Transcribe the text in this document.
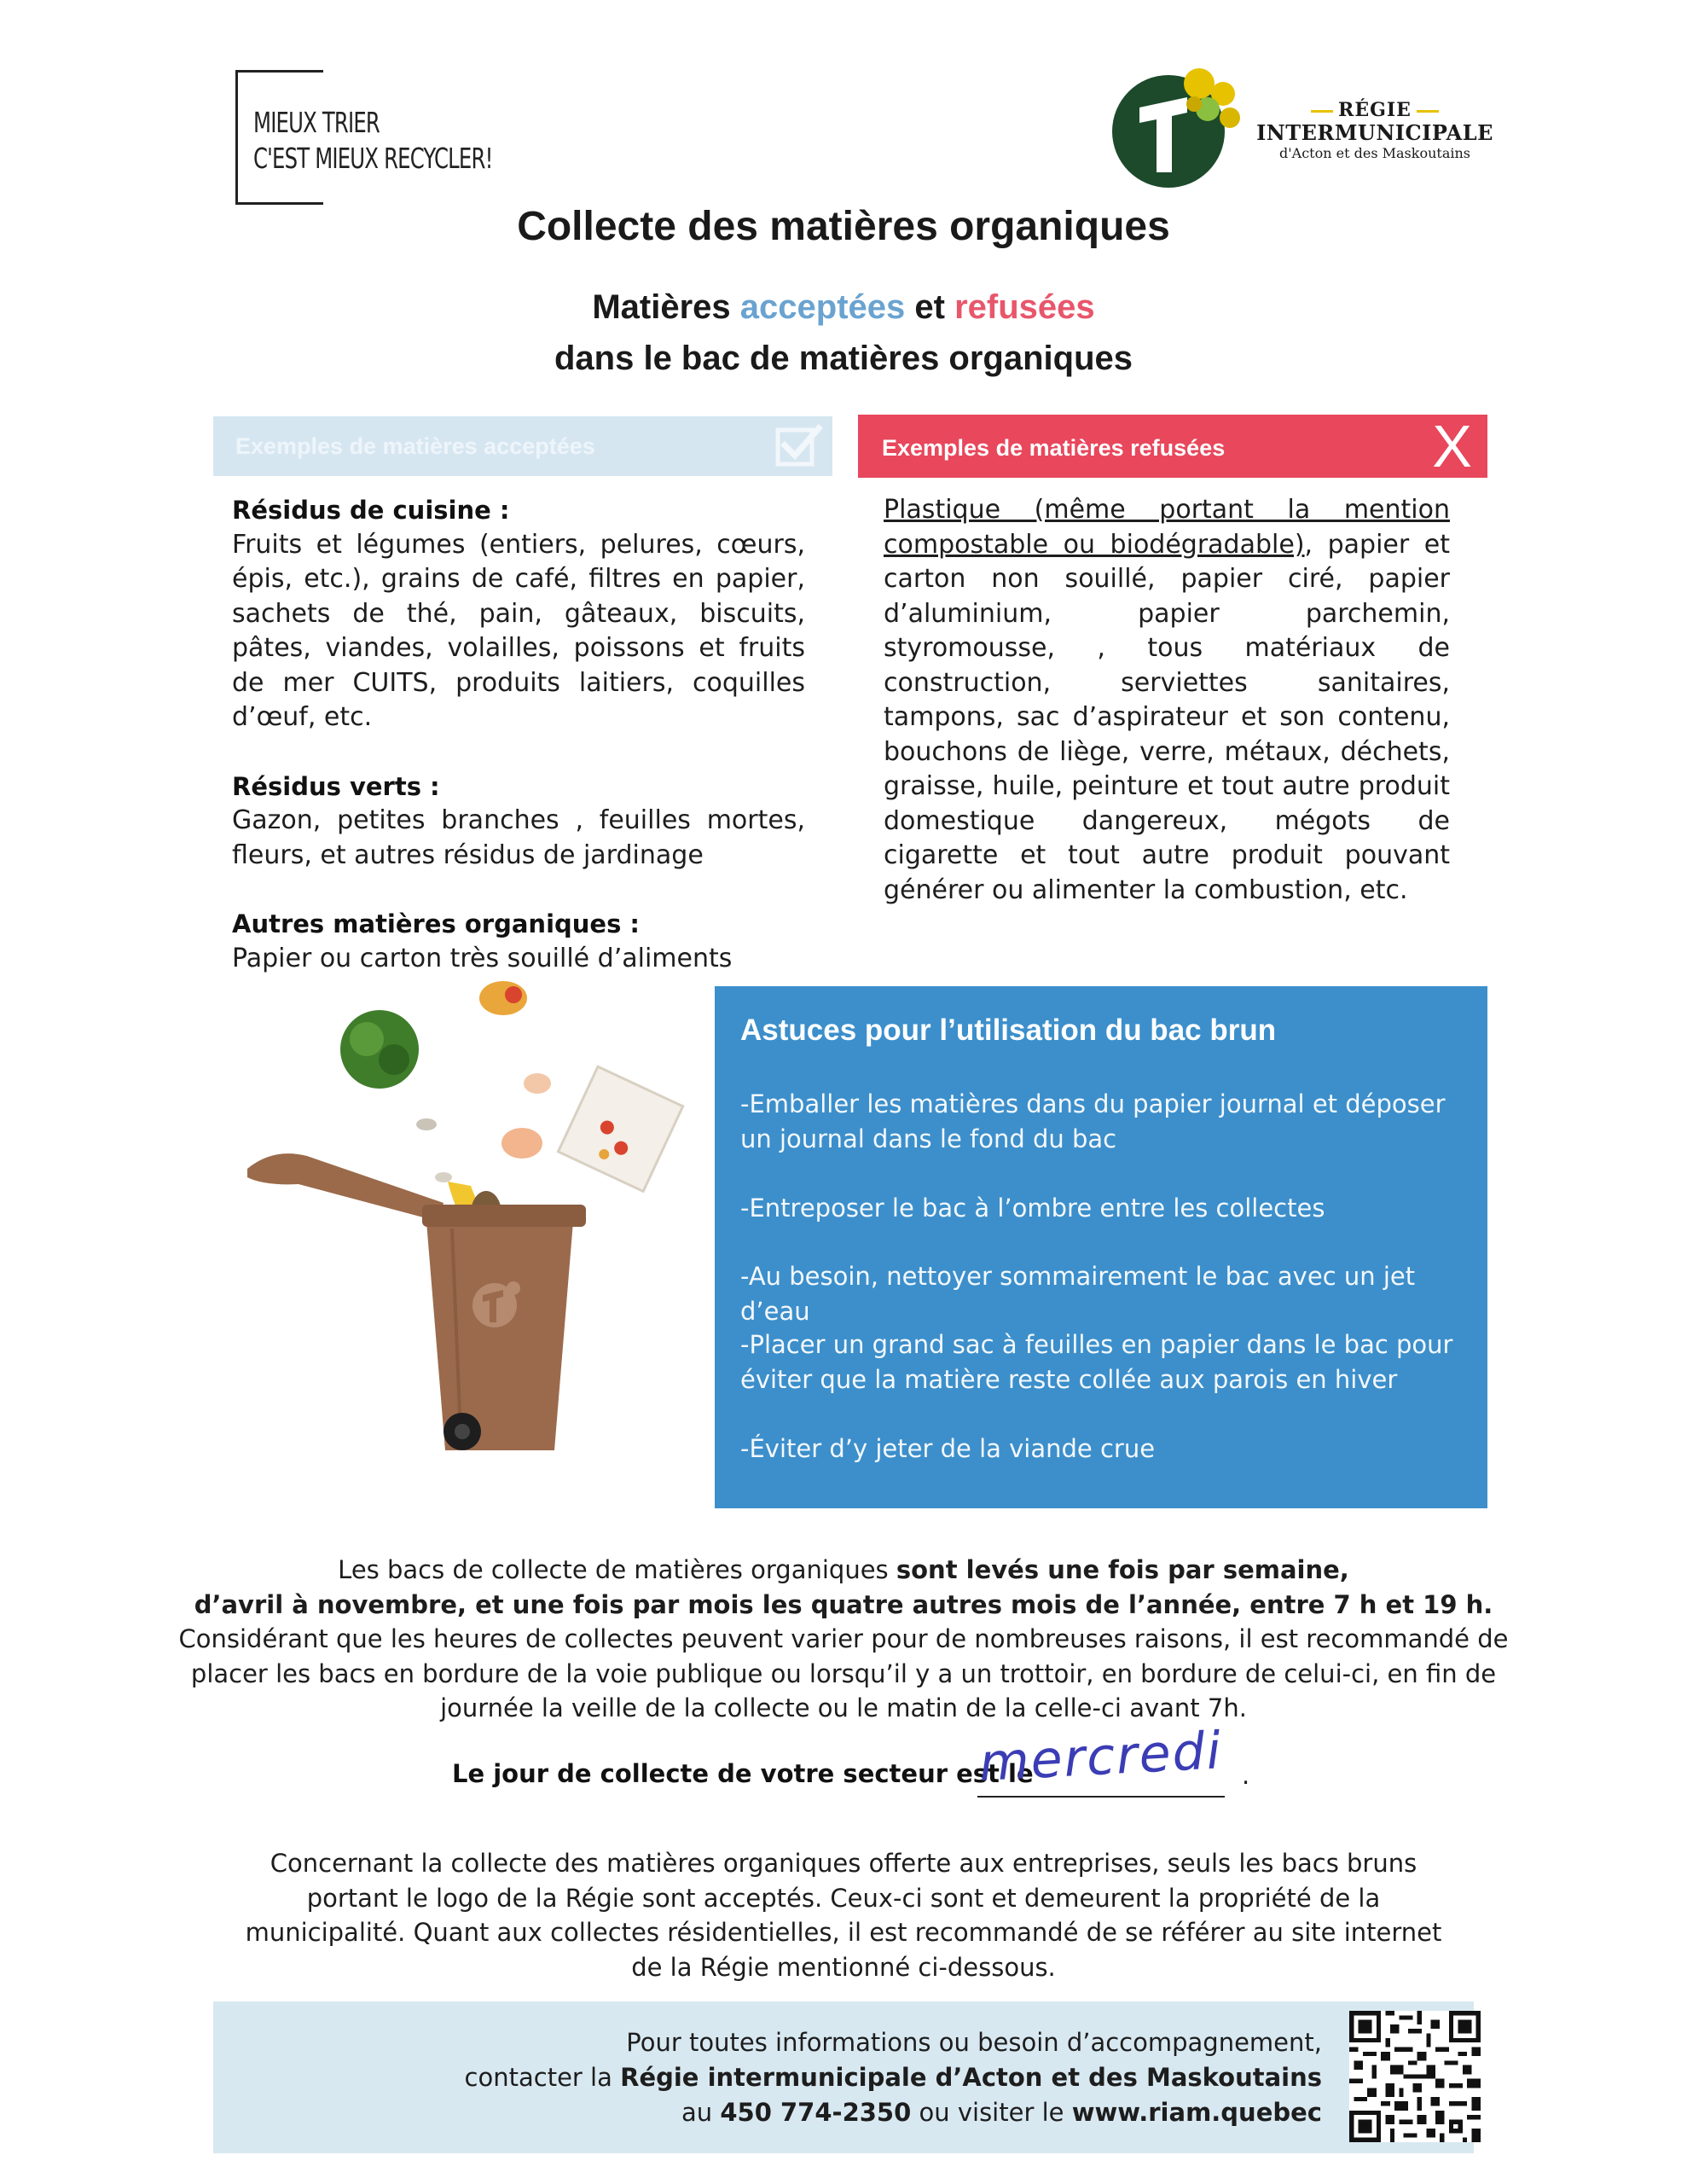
MIEUX TRIER
C'EST MIEUX RECYCLER!
RÉGIE
INTERMUNICIPALE
d'Acton et des Maskoutains
Collecte des matières organiques
Matières acceptées et refusées
dans le bac de matières organiques
Exemples de matières acceptées	Exemples de matières refusées	X
Résidus de cuisine :

Fruits et légumes (entiers, pelures, cœurs, épis, etc.), grains de café, filtres en papier, sachets de thé, pain, gâteaux, biscuits, pâtes, viandes, volailles, poissons et fruits de mer CUITS, produits laitiers, coquilles d’œuf, etc.

Résidus verts :

Gazon, petites branches , feuilles mortes, fleurs, et autres résidus de jardinage

Autres matières organiques :

Papier ou carton très souillé d’aliments

Plastique (même portant la mention compostable ou biodégradable), papier et carton non souillé, papier ciré, papier d’aluminium, papier parchemin, styromousse, , tous matériaux de construction, serviettes sanitaires, tampons, sac d’aspirateur et son contenu, bouchons de liège, verre, métaux, déchets, graisse, huile, peinture et tout autre produit domestique dangereux, mégots de cigarette et tout autre produit pouvant générer ou alimenter la combustion, etc.

Astuces pour l’utilisation du bac brun
-Emballer les matières dans du papier journal et déposer un journal dans le fond du bac
-Entreposer le bac à l’ombre entre les collectes
-Au besoin, nettoyer sommairement le bac avec un jet d’eau
-Placer un grand sac à feuilles en papier dans le bac pour éviter que la matière reste collée aux parois en hiver
-Éviter d’y jeter de la viande crue
Les bacs de collecte de matières organiques sont levés une fois par semaine,
d’avril à novembre, et une fois par mois les quatre autres mois de l’année, entre 7 h et 19 h.
Considérant que les heures de collectes peuvent varier pour de nombreuses raisons, il est recommandé de placer les bacs en bordure de la voie publique ou lorsqu’il y a un trottoir, en bordure de celui-ci, en fin de journée la veille de la collecte ou le matin de la celle-ci avant 7h.
Le jour de collecte de votre secteur est le
mercredi .
Concernant la collecte des matières organiques offerte aux entreprises, seuls les bacs bruns portant le logo de la Régie sont acceptés. Ceux-ci sont et demeurent la propriété de la municipalité. Quant aux collectes résidentielles, il est recommandé de se référer au site internet de la Régie mentionné ci-dessous.
Pour toutes informations ou besoin d’accompagnement,
contacter la Régie intermunicipale d’Acton et des Maskoutains
au 450 774-2350 ou visiter le www.riam.quebec
